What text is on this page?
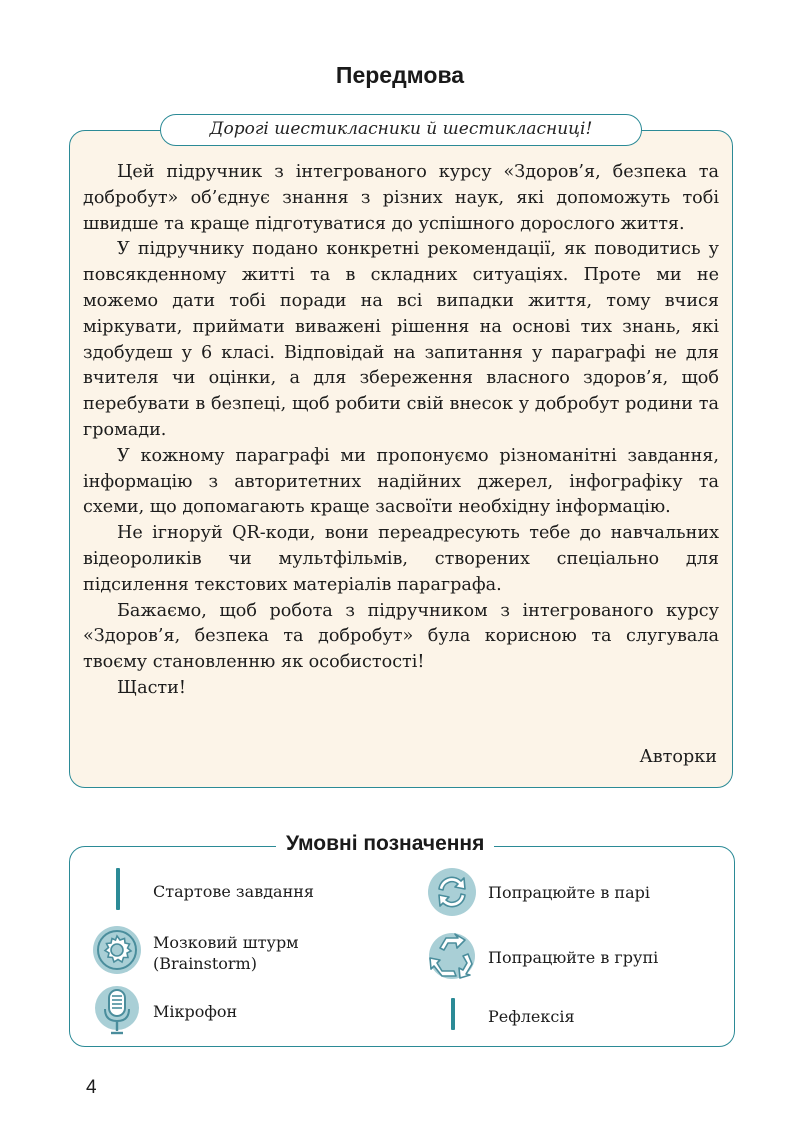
Передмова
Дорогі шестикласники й шестикласниці!

Цей підручник з інтегрованого курсу «Здоров’я, безпека та добробут» об’єднує знання з різних наук, які допоможуть тобі швидше та краще підготуватися до успішного дорослого життя.

У підручнику подано конкретні рекомендації, як поводитись у повсякденному житті та в складних ситуаціях. Проте ми не можемо дати тобі поради на всі випадки життя, тому вчися міркувати, приймати виважені рішення на основі тих знань, які здобудеш у 6 класі. Відповідай на запитання у параграфі не для вчителя чи оцінки, а для збереження власного здоров’я, щоб перебувати в безпеці, щоб робити свій внесок у добробут родини та громади.

У кожному параграфі ми пропонуємо різноманітні завдання, інформацію з авторитетних надійних джерел, інфографіку та схеми, що допомагають краще засвоїти необхідну інформацію.

Не ігноруй QR-коди, вони переадресують тебе до навчальних відеороликів чи мультфільмів, створених спеціально для підсилення текстових матеріалів параграфа.

Бажаємо, щоб робота з підручником з інтегрованого курсу «Здоров’я, безпека та добробут» була корисною та слугувала твоєму становленню як особистості!

Щасти!

Авторки
Умовні позначення
Стартове завдання
Мозковий штурм
(Brainstorm)
Мікрофон
Попрацюйте в парі
Попрацюйте в групі
Рефлексія
4
